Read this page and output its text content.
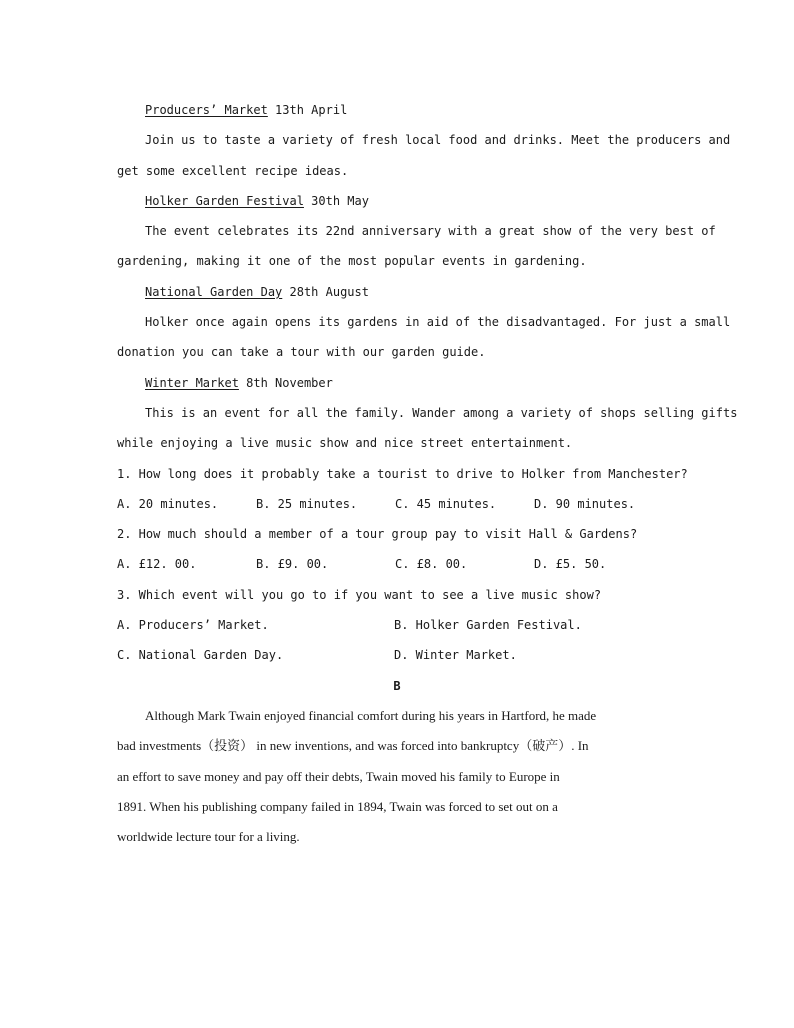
Producers’ Market 13th April
Join us to taste a variety of fresh local food and drinks. Meet the producers and
get some excellent recipe ideas.
Holker Garden Festival 30th May
The event celebrates its 22nd anniversary with a great show of the very best of
gardening, making it one of the most popular events in gardening.
National Garden Day 28th August
Holker once again opens its gardens in aid of the disadvantaged. For just a small
donation you can take a tour with our garden guide.
Winter Market 8th November
This is an event for all the family. Wander among a variety of shops selling gifts
while enjoying a live music show and nice street entertainment.
1. How long does it probably take a tourist to drive to Holker from Manchester?
A. 20 minutes.	B. 25 minutes.	C. 45 minutes.	D. 90 minutes.
2. How much should a member of a tour group pay to visit Hall & Gardens?
A. £12. 00.	B. £9. 00.	C. £8. 00.	D. £5. 50.
3. Which event will you go to if you want to see a live music show?
A. Producers’ Market.	B. Holker Garden Festival.
C. National Garden Day.	D. Winter Market.
B
Although Mark Twain enjoyed financial comfort during his years in Hartford, he made
bad investments（投资） in new inventions, and was forced into bankruptcy（破产）. In
an effort to save money and pay off their debts, Twain moved his family to Europe in
1891. When his publishing company failed in 1894, Twain was forced to set out on a
worldwide lecture tour for a living.
